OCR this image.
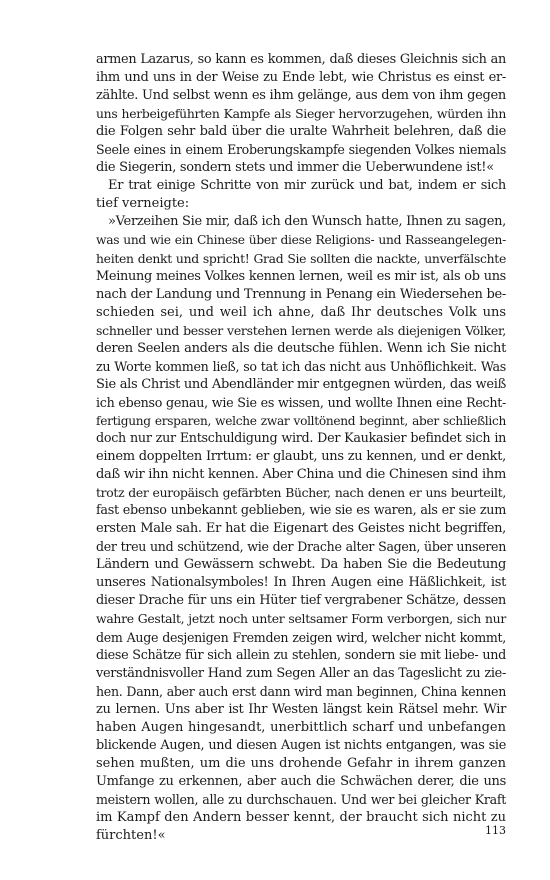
armen Lazarus, so kann es kommen, daß dieses Gleichnis sich an
ihm und uns in der Weise zu Ende lebt, wie Christus es einst er-
zählte. Und selbst wenn es ihm gelänge, aus dem von ihm gegen
uns herbeigeführten Kampfe als Sieger hervorzugehen, würden ihn
die Folgen sehr bald über die uralte Wahrheit belehren, daß die
Seele eines in einem Eroberungskampfe siegenden Volkes niemals
die Siegerin, sondern stets und immer die Ueberwundene ist!«
Er trat einige Schritte von mir zurück und bat, indem er sich
tief verneigte:
»Verzeihen Sie mir, daß ich den Wunsch hatte, Ihnen zu sagen,
was und wie ein Chinese über diese Religions- und Rasseangelegen-
heiten denkt und spricht! Grad Sie sollten die nackte, unverfälschte
Meinung meines Volkes kennen lernen, weil es mir ist, als ob uns
nach der Landung und Trennung in Penang ein Wiedersehen be-
schieden sei, und weil ich ahne, daß Ihr deutsches Volk uns
schneller und besser verstehen lernen werde als diejenigen Völker,
deren Seelen anders als die deutsche fühlen. Wenn ich Sie nicht
zu Worte kommen ließ, so tat ich das nicht aus Unhöflichkeit. Was
Sie als Christ und Abendländer mir entgegnen würden, das weiß
ich ebenso genau, wie Sie es wissen, und wollte Ihnen eine Recht-
fertigung ersparen, welche zwar volltönend beginnt, aber schließlich
doch nur zur Entschuldigung wird. Der Kaukasier befindet sich in
einem doppelten Irrtum: er glaubt, uns zu kennen, und er denkt,
daß wir ihn nicht kennen. Aber China und die Chinesen sind ihm
trotz der europäisch gefärbten Bücher, nach denen er uns beurteilt,
fast ebenso unbekannt geblieben, wie sie es waren, als er sie zum
ersten Male sah. Er hat die Eigenart des Geistes nicht begriffen,
der treu und schützend, wie der Drache alter Sagen, über unseren
Ländern und Gewässern schwebt. Da haben Sie die Bedeutung
unseres Nationalsymboles! In Ihren Augen eine Häßlichkeit, ist
dieser Drache für uns ein Hüter tief vergrabener Schätze, dessen
wahre Gestalt, jetzt noch unter seltsamer Form verborgen, sich nur
dem Auge desjenigen Fremden zeigen wird, welcher nicht kommt,
diese Schätze für sich allein zu stehlen, sondern sie mit liebe- und
verständnisvoller Hand zum Segen Aller an das Tageslicht zu zie-
hen. Dann, aber auch erst dann wird man beginnen, China kennen
zu lernen. Uns aber ist Ihr Westen längst kein Rätsel mehr. Wir
haben Augen hingesandt, unerbittlich scharf und unbefangen
blickende Augen, und diesen Augen ist nichts entgangen, was sie
sehen mußten, um die uns drohende Gefahr in ihrem ganzen
Umfange zu erkennen, aber auch die Schwächen derer, die uns
meistern wollen, alle zu durchschauen. Und wer bei gleicher Kraft
im Kampf den Andern besser kennt, der braucht sich nicht zu
fürchten!«	113
